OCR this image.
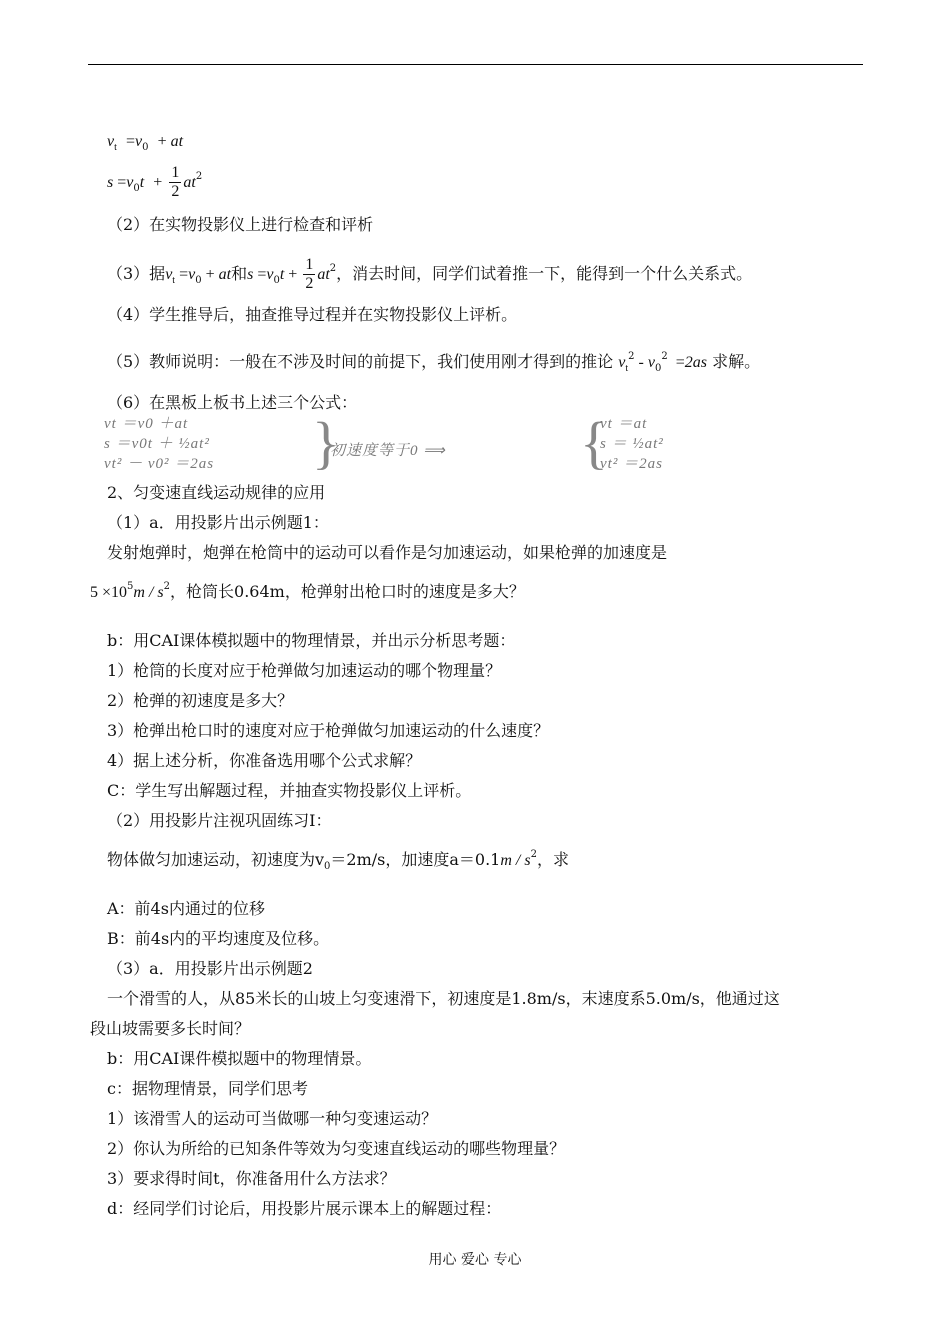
$v_t =v_0$  + at
$s =v_0t + \frac{1}{2} at^2$
（2）在实物投影仪上进行检查和评析
（3）据$v_t =v_0$ + at和$s =v_0t + \frac{1}{2} at^2$，消去时间，同学们试着推一下，能得到一个什么关系式。
（4）学生推导后，抽查推导过程并在实物投影仪上评析。
（5）教师说明：一般在不涉及时间的前提下，我们使用刚才得到的推论 $v_t^2 - v_0^2 =2as$ 求解。
（6）在黑板上板书上述三个公式：
vt ＝v0 ＋at
s ＝v0t ＋ ½at²
vt² － v0² ＝2as }
初速度等于0 ⟹ {
vt ＝at
s ＝ ½at²
vt² ＝2as
2、匀变速直线运动规律的应用
（1）a．用投影片出示例题1：
发射炮弹时，炮弹在枪筒中的运动可以看作是匀加速运动，如果枪弹的加速度是
$5 \times 10^5m / s^2$，枪筒长0.64m，枪弹射出枪口时的速度是多大？
b：用CAI课体模拟题中的物理情景，并出示分析思考题：
1）枪筒的长度对应于枪弹做匀加速运动的哪个物理量？
2）枪弹的初速度是多大？
3）枪弹出枪口时的速度对应于枪弹做匀加速运动的什么速度？
4）据上述分析，你准备选用哪个公式求解？
C：学生写出解题过程，并抽查实物投影仪上评析。
（2）用投影片注视巩固练习I：
物体做匀加速运动，初速度为$v_0=2m/s$，加速度$a=0.1m / s^2$，求
A：前4s内通过的位移
B：前4s内的平均速度及位移。
（3）a．用投影片出示例题2
一个滑雪的人，从85米长的山坡上匀变速滑下，初速度是1.8m/s，末速度系5.0m/s，他通过这
段山坡需要多长时间？
b：用CAI课件模拟题中的物理情景。
c：据物理情景，同学们思考
1）该滑雪人的运动可当做哪一种匀变速运动？
2）你认为所给的已知条件等效为匀变速直线运动的哪些物理量？
3）要求得时间t，你准备用什么方法求？
d：经同学们讨论后，用投影片展示课本上的解题过程：
用心 爱心 专心
